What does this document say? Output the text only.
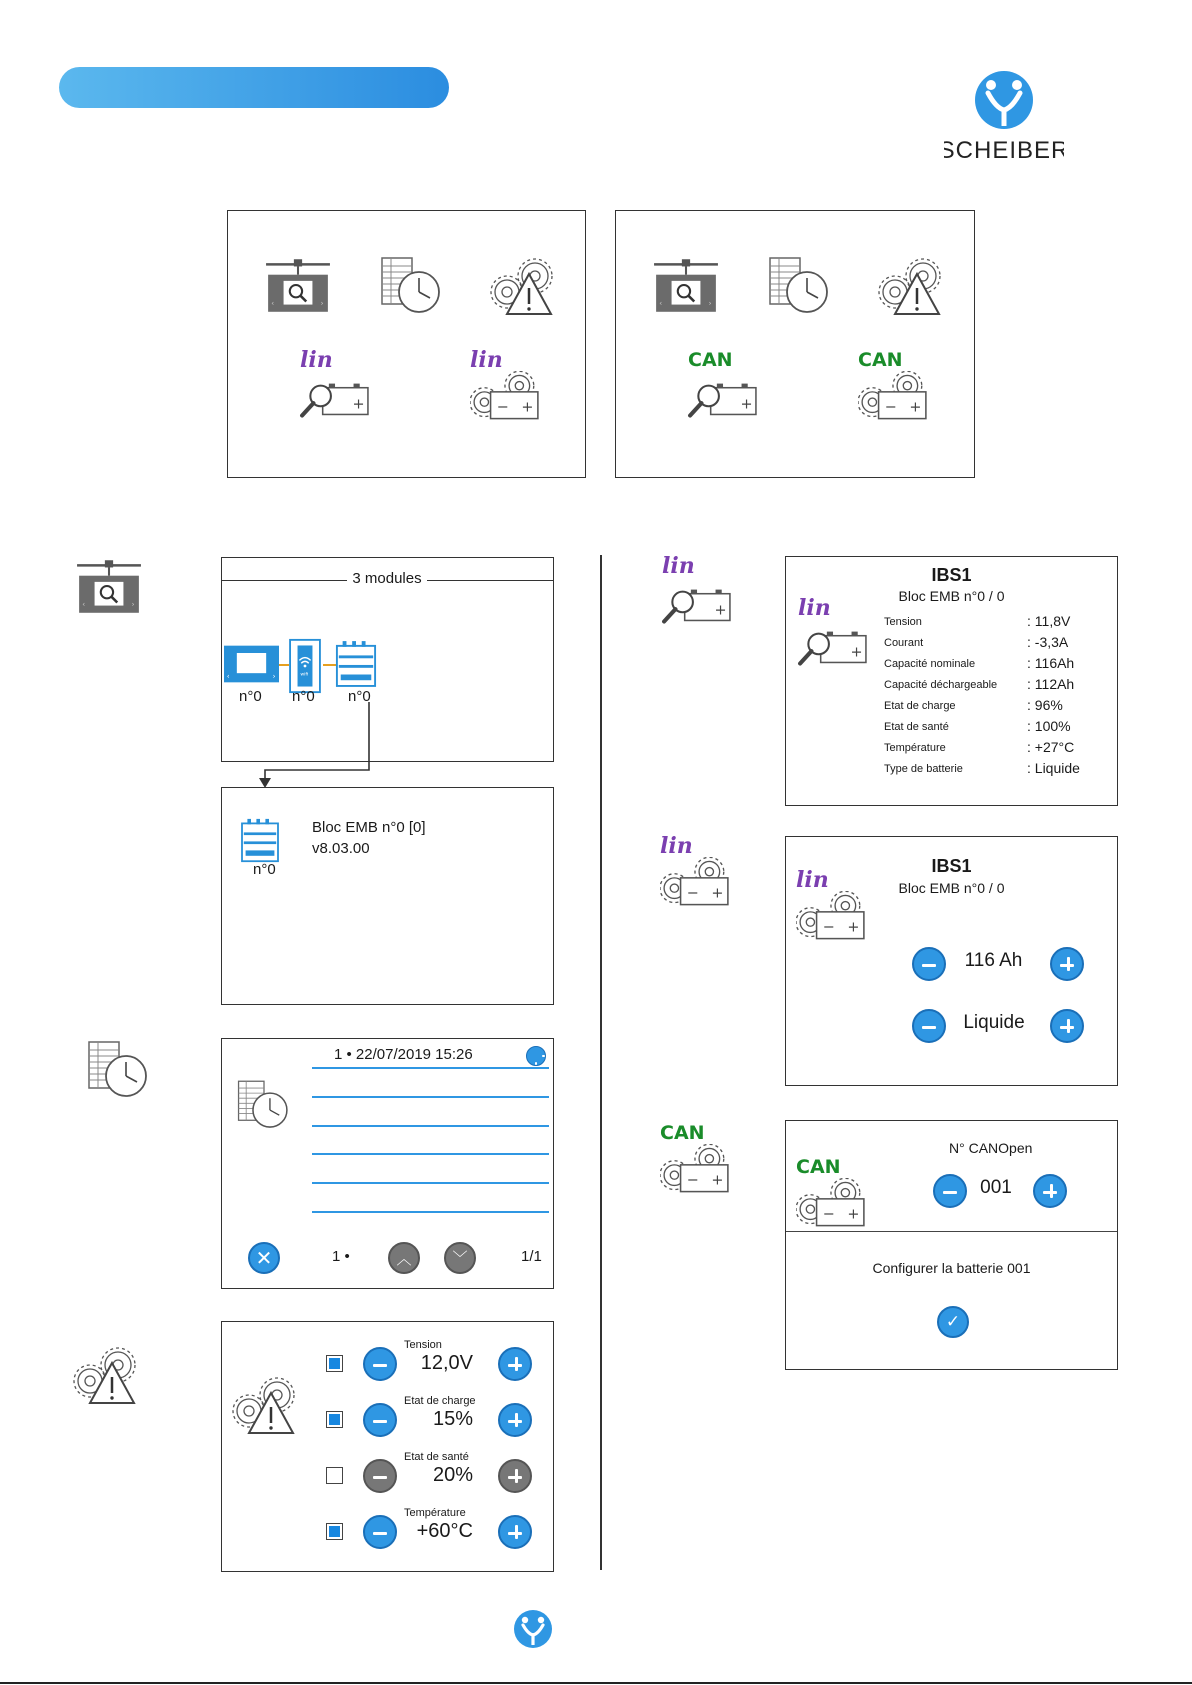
SCHEIBER
lin	lin	CAN	CAN
3 modules
n°0 n°0 n°0
n°0
Bloc EMB n°0 [0]
v8.03.00
1 • 22/07/2019 15:26
✕	1 •	︿	﹀	1/1
Tension
12,0V
Etat de charge
15%
Etat de santé
20%
Température
+60°C
lin
lin
CAN
IBS1
Bloc EMB n°0 / 0
lin
Tension	: 11,8V
Courant	: -3,3A
Capacité nominale	: 116Ah
Capacité déchargeable : 112Ah
Etat de charge	: 96%
Etat de santé	: 100%
Température	: +27°C
Type de batterie	: Liquide
IBS1
Bloc EMB n°0 / 0
lin
116 Ah
Liquide
CAN
N° CANOpen
001
Configurer la batterie 001
✓
